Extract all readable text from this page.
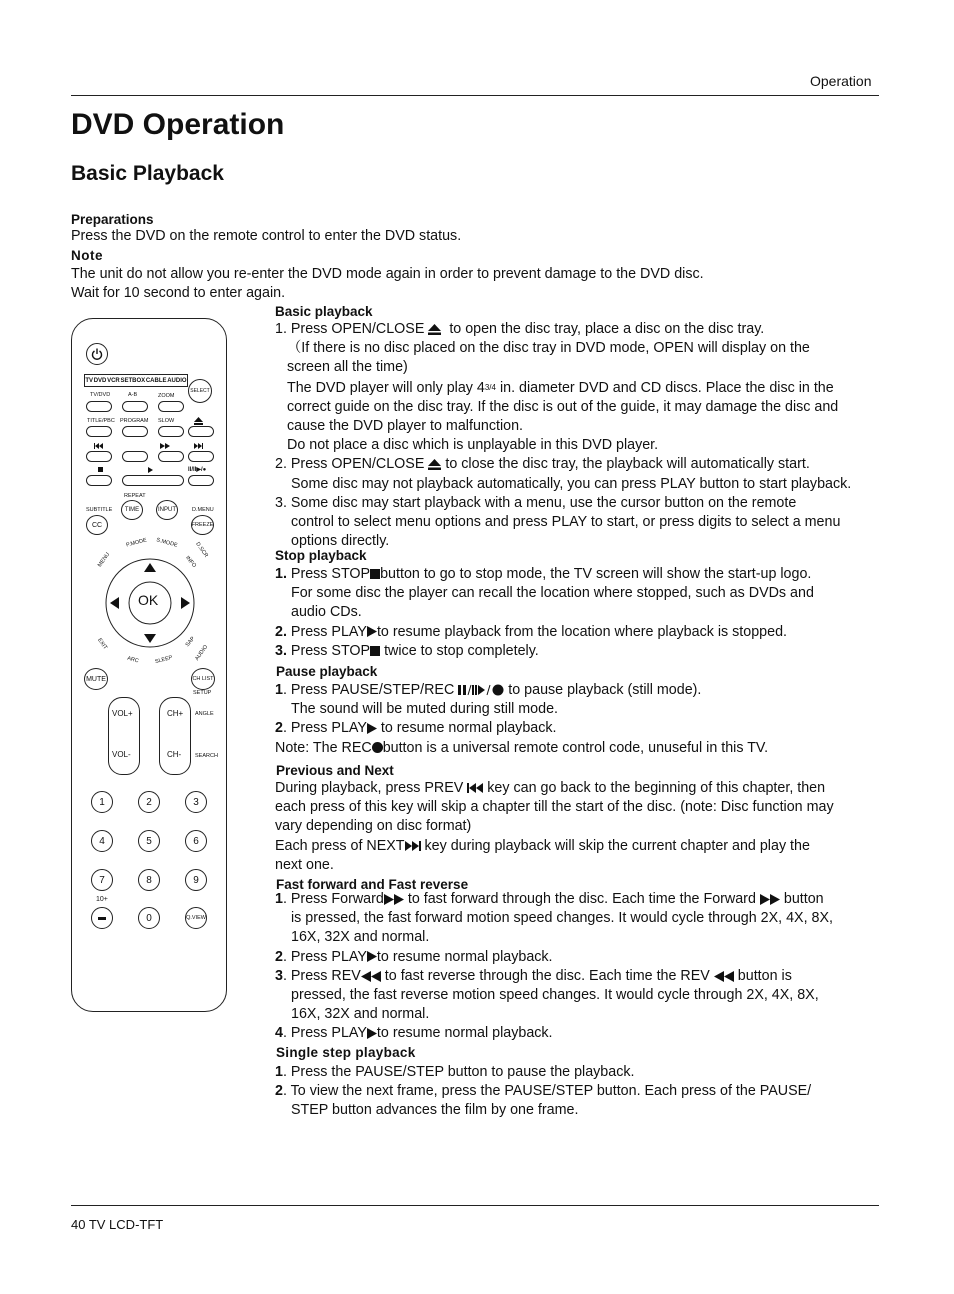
Operation
DVD Operation
Basic Playback
Preparations
Press the DVD on the remote control to enter the DVD status.
Note
The unit do not allow you re-enter the DVD mode again in order to prevent damage to the DVD disc.
Wait for 10 second to enter again.
Basic playback
1. Press OPEN/CLOSE to open the disc tray, place a disc on the disc tray.
（If there is no disc placed on the disc tray in DVD mode, OPEN will display on the
screen all the time)
The DVD player will only play 43/4 in. diameter DVD and CD discs. Place the disc in the
correct guide on the disc tray. If the disc is out of the guide, it may damage the disc and
cause the DVD player to malfunction.
Do not place a disc which is unplayable in this DVD player.
2. Press OPEN/CLOSE to close the disc tray, the playback will automatically start.
Some disc may not playback automatically, you can press PLAY button to start playback.
3. Some disc may start playback with a menu, use the cursor button on the remote
control to select menu options and press PLAY to start, or press digits to select a menu
options directly.
Stop playback
1. Press STOP button to go to stop mode, the TV screen will show the start-up logo.
For some disc the player can recall the location where stopped, such as DVDs and
audio CDs.
2. Press PLAY to resume playback from the location where playback is stopped.
3. Press STOP twice to stop completely.
Pause playback
1. Press PAUSE/STEP/REC	to pause playback (still mode).
The sound will be muted during still mode.
2. Press PLAY to resume normal playback.
Note: The REC button is a universal remote control code, unuseful in this TV.
Previous and Next
During playback, press PREV  key can go back to the beginning of this chapter, then
each press of this key will skip a chapter till the start of the disc. (note: Disc function may
vary depending on disc format)
Each press of NEXT key during playback will skip the current chapter and play the
next one.
Fast forward and Fast reverse
1. Press Forward to fast forward through the disc. Each time the Forward button
is pressed, the fast forward motion speed changes. It would cycle through 2X, 4X, 8X,
16X, 32X and normal.
2. Press PLAY to resume normal playback.
3. Press REV to fast reverse through the disc. Each time the REV button is
pressed, the fast reverse motion speed changes. It would cycle through 2X, 4X, 8X,
16X, 32X and normal.
4. Press PLAY to resume normal playback.
Single step playback
1. Press the PAUSE/STEP button to pause the playback.
2. To view the next frame, press the PAUSE/STEP button. Each press of the PAUSE/
STEP button advances the film by one frame.
TV DVD VCR SETBOX CABLE AUDIO
SELECT
TV/DVD	A-B	ZOOM
TITLE/PBC PROGRAM SLOW
II/II▶/●
REPEAT
SUBTITLE	D.MENU
CC
TIME	INPUT
FREEZE
MENU
P.MODE S.MODE	D.SCR
INFO
OK
EXIT
ARC	SLEEP
SAP
AUDIO
MUTE	CH LIST
SETUP
VOL+
VOL-
CH+
CH-
ANGLE
SEARCH
1	2	3
4	5	6
7	8	9
10+
0	Q.VIEW
40 TV LCD-TFT
